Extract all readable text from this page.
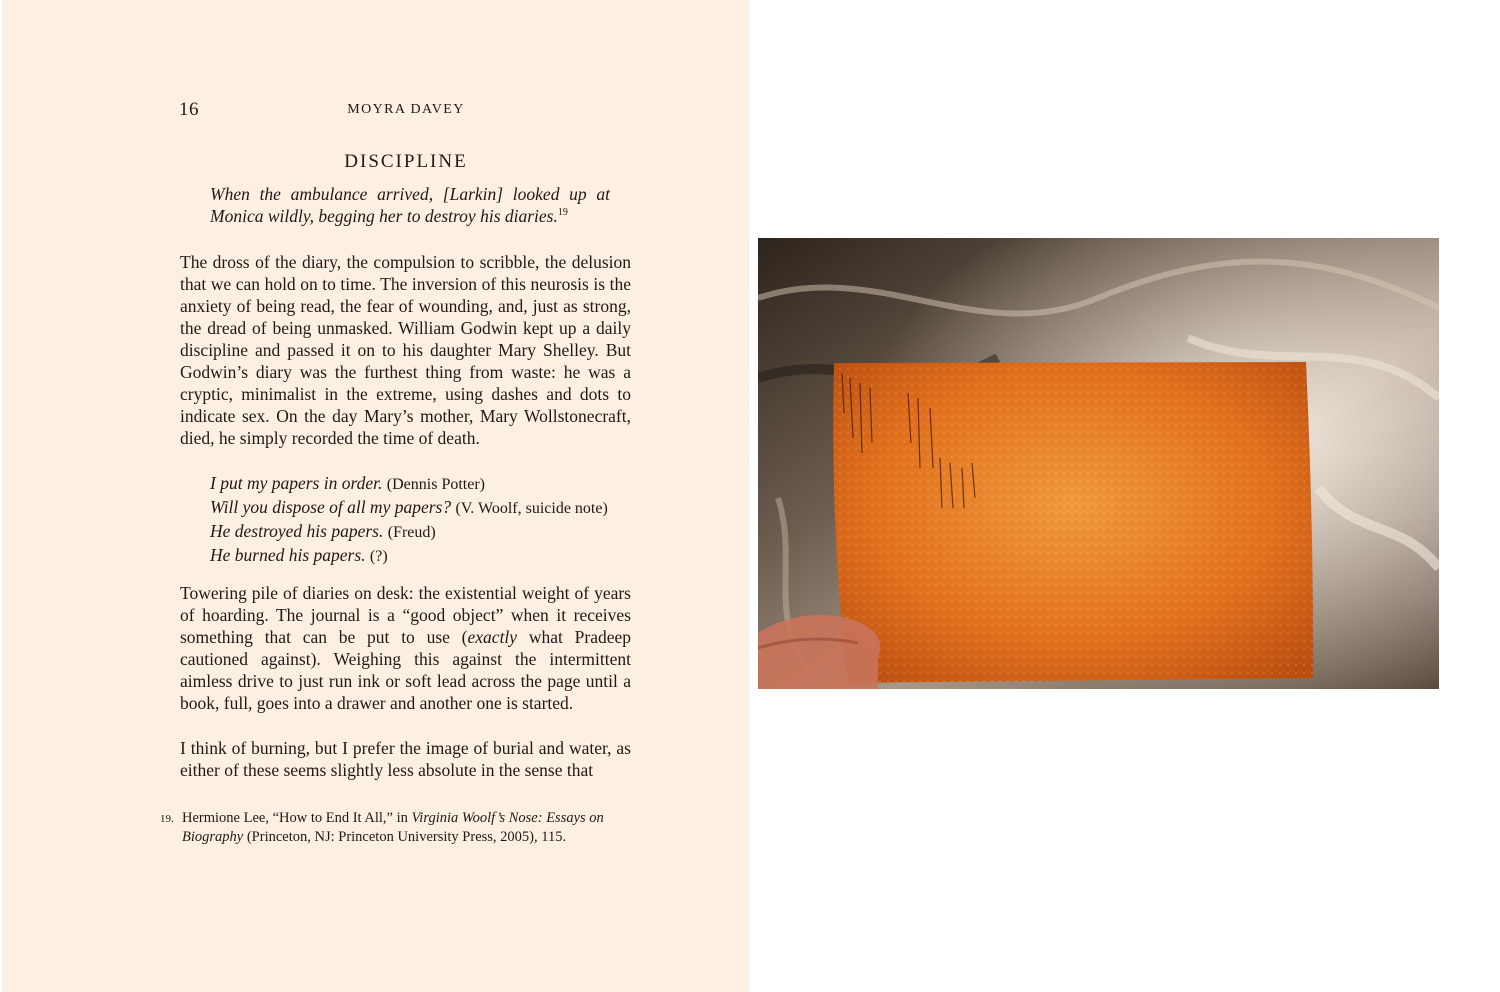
16	MOYRA DAVEY
DISCIPLINE
When the ambulance arrived, [Larkin] looked up at Monica wildly, begging her to destroy his diaries.$^{19}$

The dross of the diary, the compulsion to scribble, the delusion that we can hold on to time. The inversion of this neurosis is the anxiety of being read, the fear of wounding, and, just as strong, the dread of being unmasked. William Godwin kept up a daily discipline and passed it on to his daughter Mary Shelley. But Godwin’s diary was the furthest thing from waste: he was a cryptic, minimalist in the extreme, using dashes and dots to indicate sex. On the day Mary’s mother, Mary Wollstonecraft, died, he simply recorded the time of death.

I put my papers in order. (Dennis Potter)
Will you dispose of all my papers? (V. Woolf, suicide note)
He destroyed his papers. (Freud)
He burned his papers. (?)

Towering pile of diaries on desk: the existential weight of years of hoarding. The journal is a “good object” when it receives something that can be put to use (exactly what Pradeep cautioned against). Weighing this against the intermittent aimless drive to just run ink or soft lead across the page until a book, full, goes into a drawer and another one is started.

I think of burning, but I prefer the image of burial and water, as either of these seems slightly less absolute in the sense that

19. Hermione Lee, “How to End It All,” in Virginia Woolf’s Nose: Essays on Biography (Princeton, NJ: Princeton University Press, 2005), 115.
